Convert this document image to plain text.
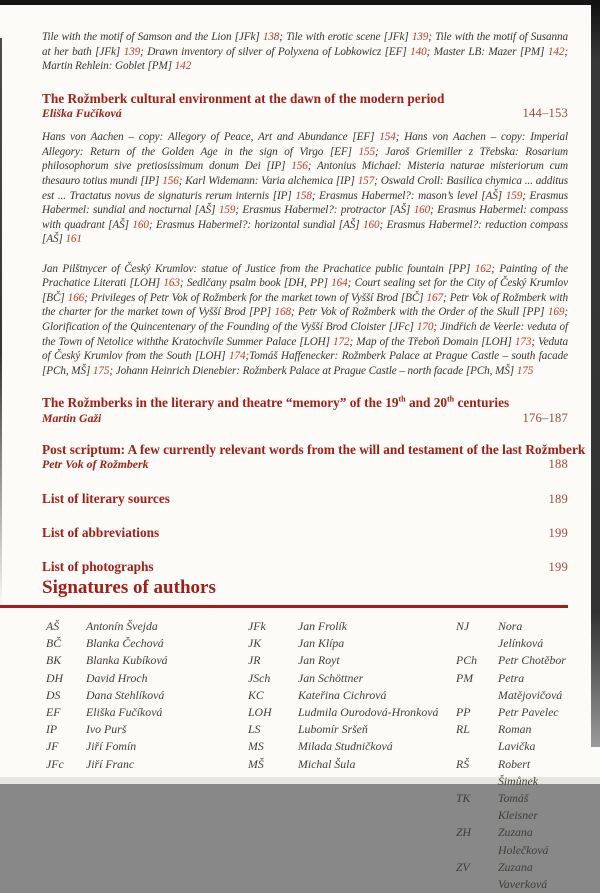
Tile with the motif of Samson and the Lion [JFk] 138; Tile with erotic scene [JFk] 139; Tile with the motif of Susanna at her bath [JFk] 139; Drawn inventory of silver of Polyxena of Lobkowicz [EF] 140; Master LB: Mazer [PM] 142; Martin Rehlein: Goblet [PM] 142

The Rožmberk cultural environment at the dawn of the modern period
Eliška Fučíková	144–153

Hans von Aachen – copy: Allegory of Peace, Art and Abundance [EF] 154; Hans von Aachen – copy: Imperial Allegory: Return of the Golden Age in the sign of Virgo [EF] 155; Jaroš Griemiller z Třebska: Rosarium philosophorum sive pretiosissimum donum Dei [IP] 156; Antonius Michael: Misteria naturae misteriorum cum thesauro totius mundi [IP] 156; Karl Widemann: Varia alchemica [IP] 157; Oswald Croll: Basilica chymica ... additus est ... Tractatus novus de signaturis rerum internis [IP] 158; Erasmus Habermel?: mason’s level [AŠ] 159; Erasmus Habermel: sundial and nocturnal [AŠ] 159; Erasmus Habermel?: protractor [AŠ] 160; Erasmus Habermel: compass with quadrant [AŠ] 160; Erasmus Habermel?: horizontal sundial [AŠ] 160; Erasmus Habermel?: reduction compass [AŠ] 161

Jan Pilštnycer of Český Krumlov: statue of Justice from the Prachatice public fountain [PP] 162; Painting of the Prachatice Literati [LOH] 163; Sedlčany psalm book [DH, PP] 164; Court sealing set for the City of Český Krumlov [BČ] 166; Privileges of Petr Vok of Rožmberk for the market town of Vyšší Brod [BČ] 167; Petr Vok of Rožmberk with the charter for the market town of Vyšší Brod [PP] 168; Petr Vok of Rožmberk with the Order of the Skull [PP] 169; Glorification of the Quincentenary of the Founding of the Vyšší Brod Cloister [JFc] 170; Jindřich de Veerle: veduta of the Town of Netolice withthe Kratochvíle Summer Palace [LOH] 172; Map of the Třeboň Domain [LOH] 173; Veduta of Český Krumlov from the South [LOH] 174;Tomáš Haffenecker: Rožmberk Palace at Prague Castle – south facade [PCh, MŠ] 175; Johann Heinrich Dienebier: Rožmberk Palace at Prague Castle – north facade [PCh, MŠ] 175

The Rožmberks in the literary and theatre “memory” of the 19th and 20th centuries
Martin Gaži	176–187
Post scriptum: A few currently relevant words from the will and testament of the last Rožmberk
Petr Vok of Rožmberk	188
List of literary sources	189
List of abbreviations	199
List of photographs	199
Signatures of authors
AŠ	Antonín Švejda
BČ	Blanka Čechová
BK	Blanka Kubíková
DH	David Hroch
DS	Dana Stehlíková
EF	Eliška Fučíková
IP	Ivo Purš
JF	Jiří Fomín
JFc	Jiří Franc
JFk	Jan Frolík
JK	Jan Klípa
JR	Jan Royt
JSch	Jan Schöttner
KC	Kateřina Cichrová
LOH	Ludmila Ourodová-Hronková
LS	Lubomír Sršeň
MS	Milada Studničková
MŠ	Michal Šula
NJ	Nora Jelínková
PCh	Petr Chotěbor
PM	Petra Matějovičová
PP	Petr Pavelec
RL	Roman Lavička
RŠ	Robert Šimůnek
TK	Tomáš Kleisner
ZH	Zuzana Holečková
ZV	Zuzana Vaverková
